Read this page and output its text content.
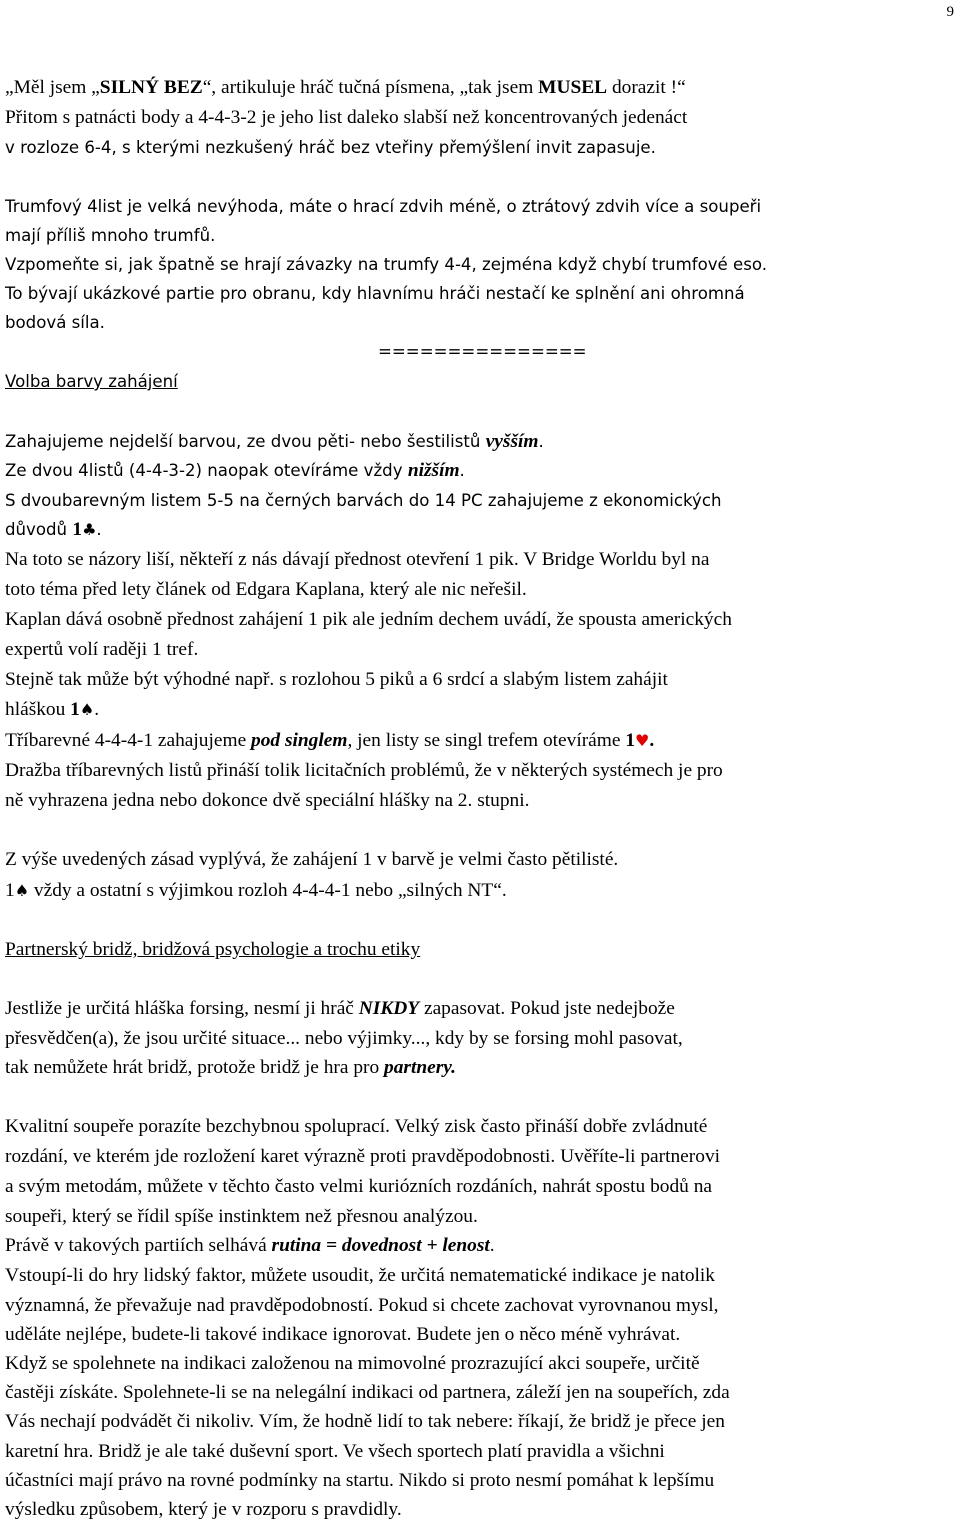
9
„Měl jsem „SILNÝ BEZ“, artikuluje hráč tučná písmena, „tak jsem MUSEL dorazit !“
Přitom s patnácti body a 4-4-3-2 je jeho list daleko slabší než koncentrovaných jedenáct
v rozloze 6-4, s kterými nezkušený hráč bez vteřiny přemýšlení invit zapasuje.
Trumfový 4list je velká nevýhoda, máte o hrací zdvih méně, o ztrátový zdvih více a soupeři
mají příliš mnoho trumfů.
Vzpomeňte si, jak špatně se hrají závazky na trumfy 4-4, zejména když chybí trumfové eso.
To bývají ukázkové partie pro obranu, kdy hlavnímu hráči nestačí ke splnění ani ohromná
bodová síla.
===============
Volba barvy zahájení
Zahajujeme nejdelší barvou, ze dvou pěti- nebo šestilistů vyšším.
Ze dvou 4listů (4-4-3-2) naopak otevíráme vždy nižším.
S dvoubarevným listem 5-5 na černých barvách do 14 PC zahajujeme z ekonomických
důvodů 1♣.
Na toto se názory liší, někteří z nás dávají přednost otevření 1 pik. V Bridge Worldu byl na
toto téma před lety článek od Edgara Kaplana, který ale nic neřešil.
Kaplan dává osobně přednost zahájení 1 pik ale jedním dechem uvádí, že spousta amerických
expertů volí raději 1 tref.
Stejně tak může být výhodné např. s rozlohou 5 piků a 6 srdcí a slabým listem zahájit
hláškou 1♠.
Tříbarevné 4-4-4-1 zahajujeme pod singlem, jen listy se singl trefem otevíráme 1♥.
Dražba tříbarevných listů přináší tolik licitačních problémů, že v některých systémech je pro
ně vyhrazena jedna nebo dokonce dvě speciální hlášky na 2. stupni.
Z výše uvedených zásad vyplývá, že zahájení 1 v barvě je velmi často pětilisté.
1♠ vždy a ostatní s výjimkou rozloh 4-4-4-1 nebo „silných NT“.
Partnerský bridž, bridžová psychologie a trochu etiky
Jestliže je určitá hláška forsing, nesmí ji hráč NIKDY zapasovat. Pokud jste nedejbože
přesvědčen(a), že jsou určité situace... nebo výjimky..., kdy by se forsing mohl pasovat,
tak nemůžete hrát bridž, protože bridž je hra pro partnery.
Kvalitní soupeře porazíte bezchybnou spoluprací. Velký zisk často přináší dobře zvládnuté
rozdání, ve kterém jde rozložení karet výrazně proti pravděpodobnosti. Uvěříte-li partnerovi
a svým metodám, můžete v těchto často velmi kuriózních rozdáních, nahrát spostu bodů na
soupeři, který se řídil spíše instinktem než přesnou analýzou.
Právě v takových partiích selhává rutina = dovednost + lenost.
Vstoupí-li do hry lidský faktor, můžete usoudit, že určitá nematematické indikace je natolik
významná, že převažuje nad pravděpodobností. Pokud si chcete zachovat vyrovnanou mysl,
uděláte nejlépe, budete-li takové indikace ignorovat. Budete jen o něco méně vyhrávat.
Když se spolehnete na indikaci založenou na mimovolné prozrazující akci soupeře, určitě
častěji získáte. Spolehnete-li se na nelegální indikaci od partnera, záleží jen na soupeřích, zda
Vás nechají podvádět či nikoliv. Vím, že hodně lidí to tak nebere: říkají, že bridž je přece jen
karetní hra. Bridž je ale také duševní sport. Ve všech sportech platí pravidla a všichni
účastníci mají právo na rovné podmínky na startu. Nikdo si proto nesmí pomáhat k lepšímu
výsledku způsobem, který je v rozporu s pravdidly.
